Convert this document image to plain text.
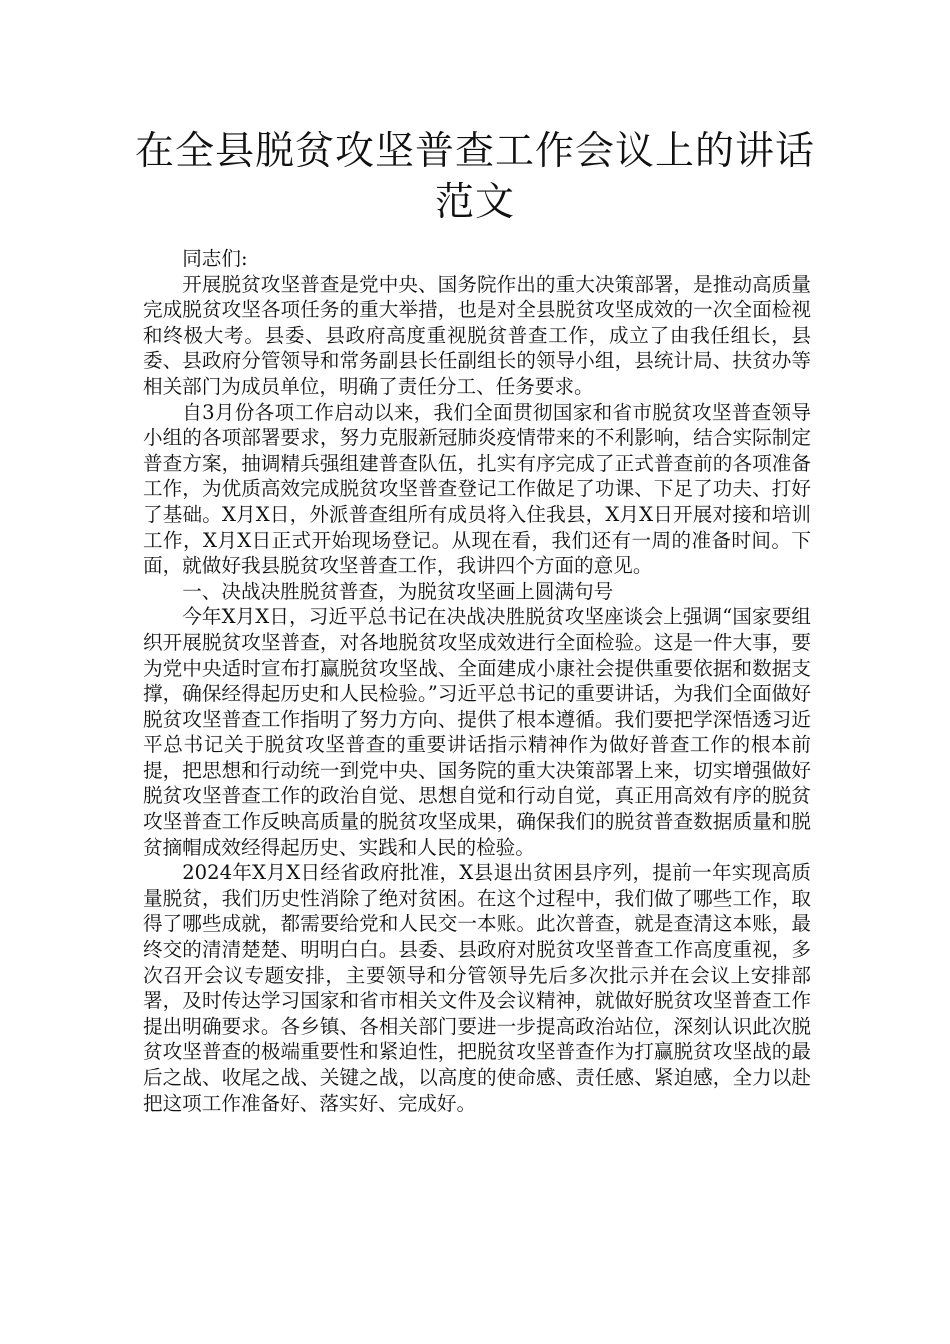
在全县脱贫攻坚普查工作会议上的讲话
范文

同志们:

开展脱贫攻坚普查是党中央、国务院作出的重大决策部署，是推动高质量完成脱贫攻坚各项任务的重大举措，也是对全县脱贫攻坚成效的一次全面检视和终极大考。县委、县政府高度重视脱贫普查工作，成立了由我任组长，县委、县政府分管领导和常务副县长任副组长的领导小组，县统计局、扶贫办等相关部门为成员单位，明确了责任分工、任务要求。

自3月份各项工作启动以来，我们全面贯彻国家和省市脱贫攻坚普查领导小组的各项部署要求，努力克服新冠肺炎疫情带来的不利影响，结合实际制定普查方案，抽调精兵强组建普查队伍，扎实有序完成了正式普查前的各项准备工作，为优质高效完成脱贫攻坚普查登记工作做足了功课、下足了功夫、打好了基础。X月X日，外派普查组所有成员将入住我县，X月X日开展对接和培训工作，X月X日正式开始现场登记。从现在看，我们还有一周的准备时间。下面，就做好我县脱贫攻坚普查工作，我讲四个方面的意见。

一、决战决胜脱贫普查，为脱贫攻坚画上圆满句号

今年X月X日，习近平总书记在决战决胜脱贫攻坚座谈会上强调“国家要组织开展脱贫攻坚普查，对各地脱贫攻坚成效进行全面检验。这是一件大事，要为党中央适时宣布打赢脱贫攻坚战、全面建成小康社会提供重要依据和数据支撑，确保经得起历史和人民检验。”习近平总书记的重要讲话，为我们全面做好脱贫攻坚普查工作指明了努力方向、提供了根本遵循。我们要把学深悟透习近平总书记关于脱贫攻坚普查的重要讲话指示精神作为做好普查工作的根本前提，把思想和行动统一到党中央、国务院的重大决策部署上来，切实增强做好脱贫攻坚普查工作的政治自觉、思想自觉和行动自觉，真正用高效有序的脱贫攻坚普查工作反映高质量的脱贫攻坚成果，确保我们的脱贫普查数据质量和脱贫摘帽成效经得起历史、实践和人民的检验。

2024年X月X日经省政府批准，X县退出贫困县序列，提前一年实现高质量脱贫，我们历史性消除了绝对贫困。在这个过程中，我们做了哪些工作，取得了哪些成就，都需要给党和人民交一本账。此次普查，就是查清这本账，最终交的清清楚楚、明明白白。县委、县政府对脱贫攻坚普查工作高度重视，多次召开会议专题安排，主要领导和分管领导先后多次批示并在会议上安排部署，及时传达学习国家和省市相关文件及会议精神，就做好脱贫攻坚普查工作提出明确要求。各乡镇、各相关部门要进一步提高政治站位，深刻认识此次脱贫攻坚普查的极端重要性和紧迫性，把脱贫攻坚普查作为打赢脱贫攻坚战的最后之战、收尾之战、关键之战，以高度的使命感、责任感、紧迫感，全力以赴把这项工作准备好、落实好、完成好。
